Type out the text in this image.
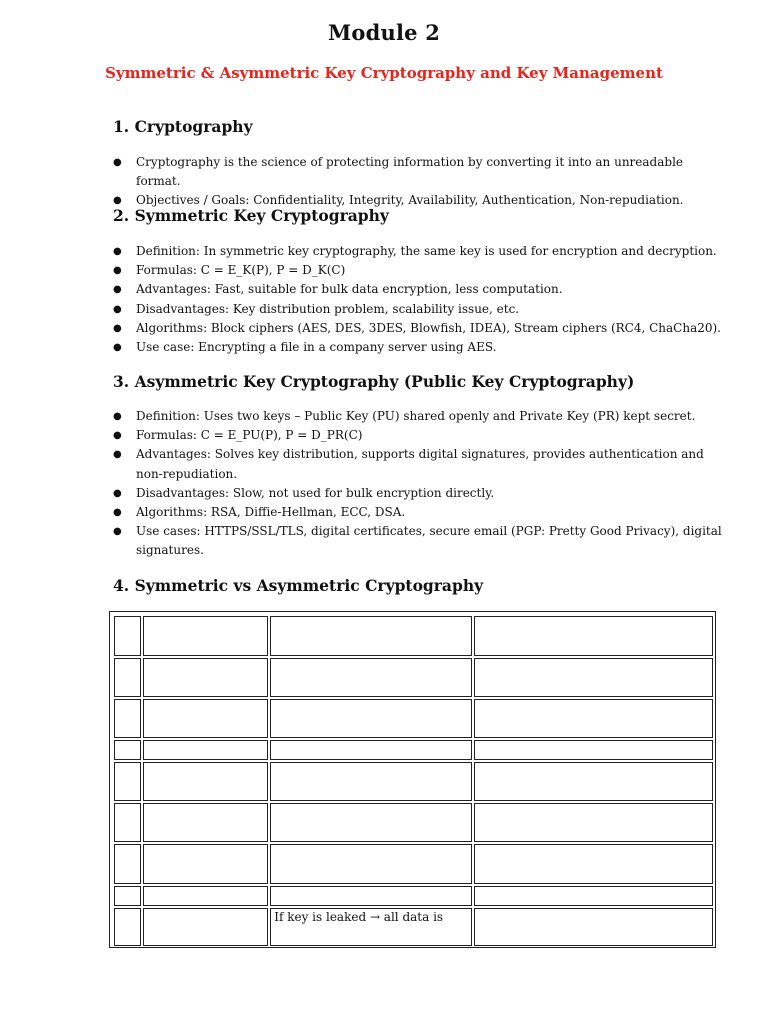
Module 2
Symmetric & Asymmetric Key Cryptography and Key Management
1. Cryptography
● Cryptography is the science of protecting information by converting it into an unreadable format.
● Objectives / Goals: Confidentiality, Integrity, Availability, Authentication, Non-repudiation.
2. Symmetric Key Cryptography
● Definition: In symmetric key cryptography, the same key is used for encryption and decryption.
● Formulas: C = E_K(P), P = D_K(C)
● Advantages: Fast, suitable for bulk data encryption, less computation.
● Disadvantages: Key distribution problem, scalability issue, etc.
● Algorithms: Block ciphers (AES, DES, 3DES, Blowfish, IDEA), Stream ciphers (RC4, ChaCha20).
● Use case: Encrypting a file in a company server using AES.
3. Asymmetric Key Cryptography (Public Key Cryptography)
● Definition: Uses two keys – Public Key (PU) shared openly and Private Key (PR) kept secret.
● Formulas: C = E_PU(P), P = D_PR(C)
● Advantages: Solves key distribution, supports digital signatures, provides authentication and non-repudiation.
● Disadvantages: Slow, not used for bulk encryption directly.
● Algorithms: RSA, Diffie-Hellman, ECC, DSA.
● Use cases: HTTPS/SSL/TLS, digital certificates, secure email (PGP: Pretty Good Privacy), digital signatures.
4. Symmetric vs Asymmetric Cryptography

		If key is leaked → all data is	
